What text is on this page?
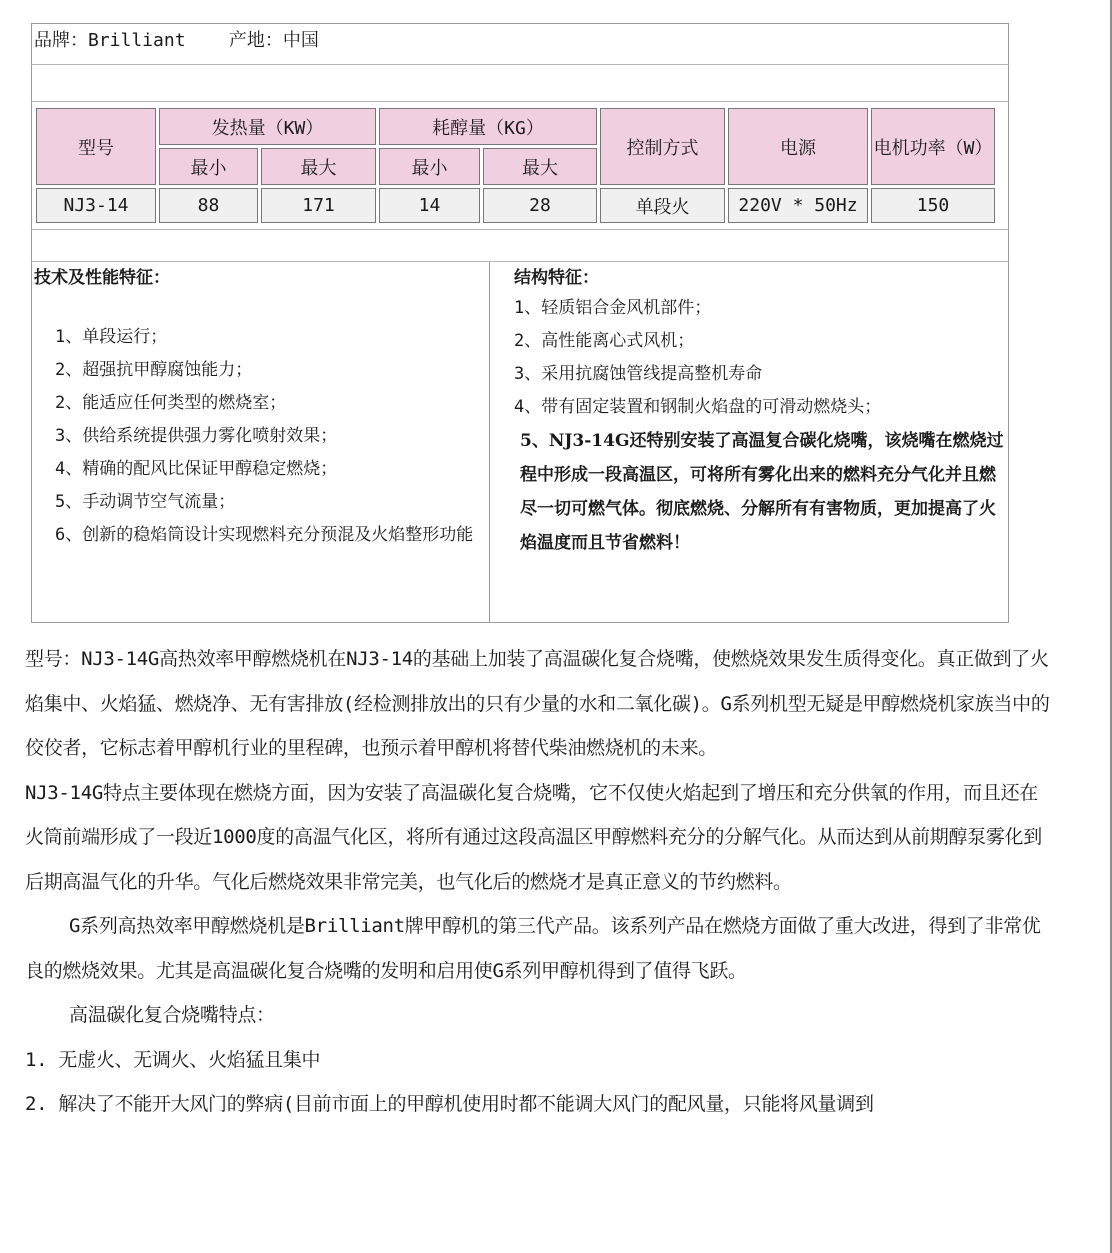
品牌：Brilliant    产地：中国
型号	发热量（KW）		耗醇量（KG）		控制方式	电源	电机功率（W）
	最小	最大	最小	最大			
NJ3-14	88	171	14	28	单段火	220V * 50Hz	150
技术及性能特征：
1、单段运行；
2、超强抗甲醇腐蚀能力；
2、能适应任何类型的燃烧室；
3、供给系统提供强力雾化喷射效果；
4、精确的配风比保证甲醇稳定燃烧；
5、手动调节空气流量；
6、创新的稳焰筒设计实现燃料充分预混及火焰整形功能
结构特征：
1、轻质铝合金风机部件；
2、高性能离心式风机；
3、采用抗腐蚀管线提高整机寿命
4、带有固定装置和钢制火焰盘的可滑动燃烧头；
5、NJ3-14G还特别安装了高温复合碳化烧嘴，该烧嘴在燃烧过程中形成一段高温区，可将所有雾化出来的燃料充分气化并且燃尽一切可燃气体。彻底燃烧、分解所有有害物质，更加提高了火焰温度而且节省燃料！

型号：NJ3-14G高热效率甲醇燃烧机在NJ3-14的基础上加装了高温碳化复合烧嘴，使燃烧效果发生质得变化。真正做到了火焰集中、火焰猛、燃烧净、无有害排放(经检测排放出的只有少量的水和二氧化碳)。G系列机型无疑是甲醇燃烧机家族当中的佼佼者，它标志着甲醇机行业的里程碑，也预示着甲醇机将替代柴油燃烧机的未来。

NJ3-14G特点主要体现在燃烧方面，因为安装了高温碳化复合烧嘴，它不仅使火焰起到了增压和充分供氧的作用，而且还在火筒前端形成了一段近1000度的高温气化区，将所有通过这段高温区甲醇燃料充分的分解气化。从而达到从前期醇泵雾化到后期高温气化的升华。气化后燃烧效果非常完美，也气化后的燃烧才是真正意义的节约燃料。

G系列高热效率甲醇燃烧机是Brilliant牌甲醇机的第三代产品。该系列产品在燃烧方面做了重大改进，得到了非常优良的燃烧效果。尤其是高温碳化复合烧嘴的发明和启用使G系列甲醇机得到了值得飞跃。

高温碳化复合烧嘴特点：

1. 无虚火、无调火、火焰猛且集中

2. 解决了不能开大风门的弊病(目前市面上的甲醇机使用时都不能调大风门的配风量，只能将风量调到
